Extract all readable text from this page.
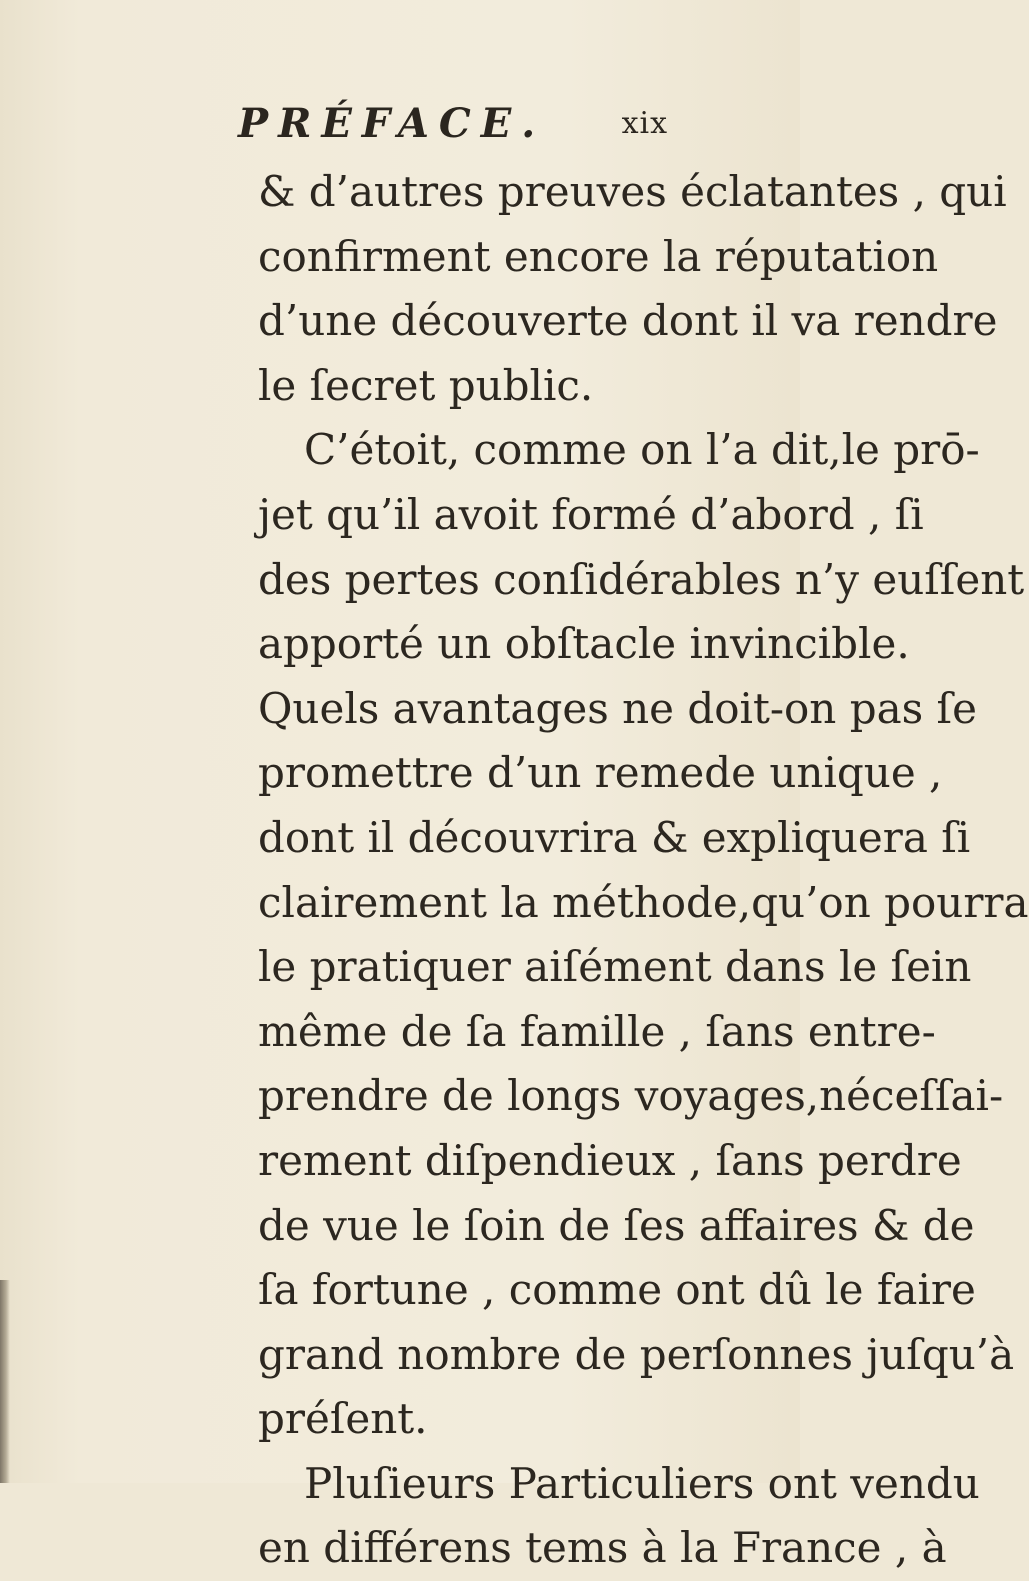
PRÉFACE.	xix
& d’autres preuves éclatantes , qui
confirment encore la réputation
d’une découverte dont il va rendre
le ſecret public.
C’étoit, comme on l’a dit,le prō-
jet qu’il avoit formé d’abord , ſi
des pertes conſidérables n’y euſſent
apporté un obſtacle invincible.
Quels avantages ne doit-on pas ſe
promettre d’un remede unique ,
dont il découvrira & expliquera ſi
clairement la méthode,qu’on pourra
le pratiquer aiſément dans le ſein
même de ſa famille , ſans entre-
prendre de longs voyages,néceſſai-
rement diſpendieux , ſans perdre
de vue le ſoin de ſes affaires & de
ſa fortune , comme ont dû le faire
grand nombre de perſonnes juſqu’à
préſent.
Pluſieurs Particuliers ont vendu
en différens tems à la France , à
